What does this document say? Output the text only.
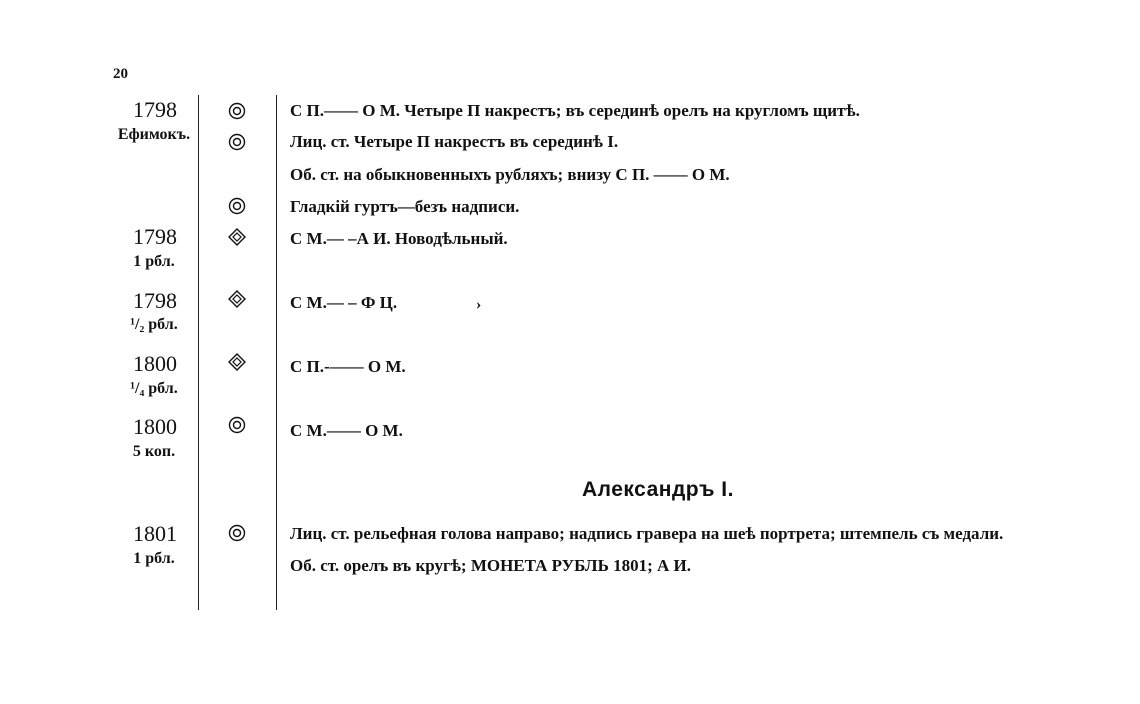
20
1798
Ефимокъ.
С П.—— О М. Четыре П накрестъ; въ серединѣ орелъ на кругломъ щитѣ.
Лиц. ст. Четыре П накрестъ въ серединѣ I.
Об. ст. на обыкновенныхъ рубляхъ; внизу С П. —— О М.
Гладкій гуртъ—безъ надписи.
1798
1 рбл.
С М.— –А И. Новодѣльный.
1798
¹/₂ рбл.
С М.— – Ф Ц.	›
1800
¹/₄ рбл.
С П.-—— О М.
1800
5 коп.
С М.—— О М.
Александръ I.
1801
1 рбл.
Лиц. ст. рельефная голова направо; надпись гравера на шеѣ портрета; штемпель съ медали.
Об. ст. орелъ въ кругѣ; МОНЕТА РУБЛЬ 1801; А И.
